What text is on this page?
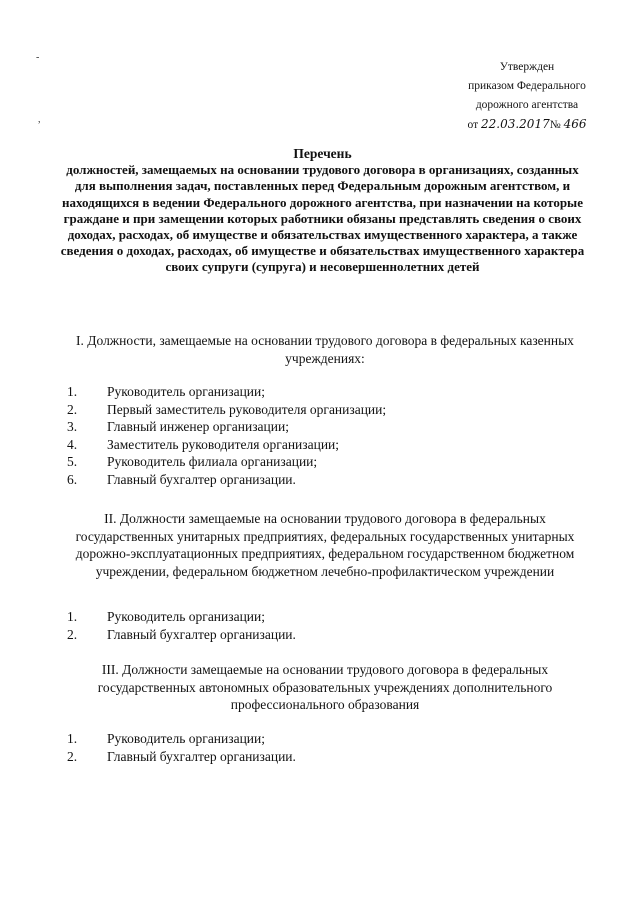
-
,
Утвержден
приказом Федерального
дорожного агентства
от 22.03.2017№ 466
Перечень
должностей, замещаемых на основании трудового договора в организациях, созданных для выполнения задач, поставленных перед Федеральным дорожным агентством, и находящихся в ведении Федерального дорожного агентства, при назначении на которые граждане и при замещении которых работники обязаны представлять сведения о своих доходах, расходах, об имуществе и обязательствах имущественного характера, а также сведения о доходах, расходах, об имуществе и обязательствах имущественного характера своих супруги (супруга) и несовершеннолетних детей
I. Должности, замещаемые на основании трудового договора в федеральных казенных учреждениях:
1. Руководитель организации;
2. Первый заместитель руководителя организации;
3. Главный инженер организации;
4. Заместитель руководителя организации;
5. Руководитель филиала организации;
6. Главный бухгалтер организации.
II. Должности замещаемые на основании трудового договора в федеральных государственных унитарных предприятиях, федеральных государственных унитарных дорожно-эксплуатационных предприятиях, федеральном государственном бюджетном учреждении, федеральном бюджетном лечебно-профилактическом учреждении
1. Руководитель организации;
2. Главный бухгалтер организации.
III. Должности замещаемые на основании трудового договора в федеральных государственных автономных образовательных учреждениях дополнительного профессионального образования
1. Руководитель организации;
2. Главный бухгалтер организации.
